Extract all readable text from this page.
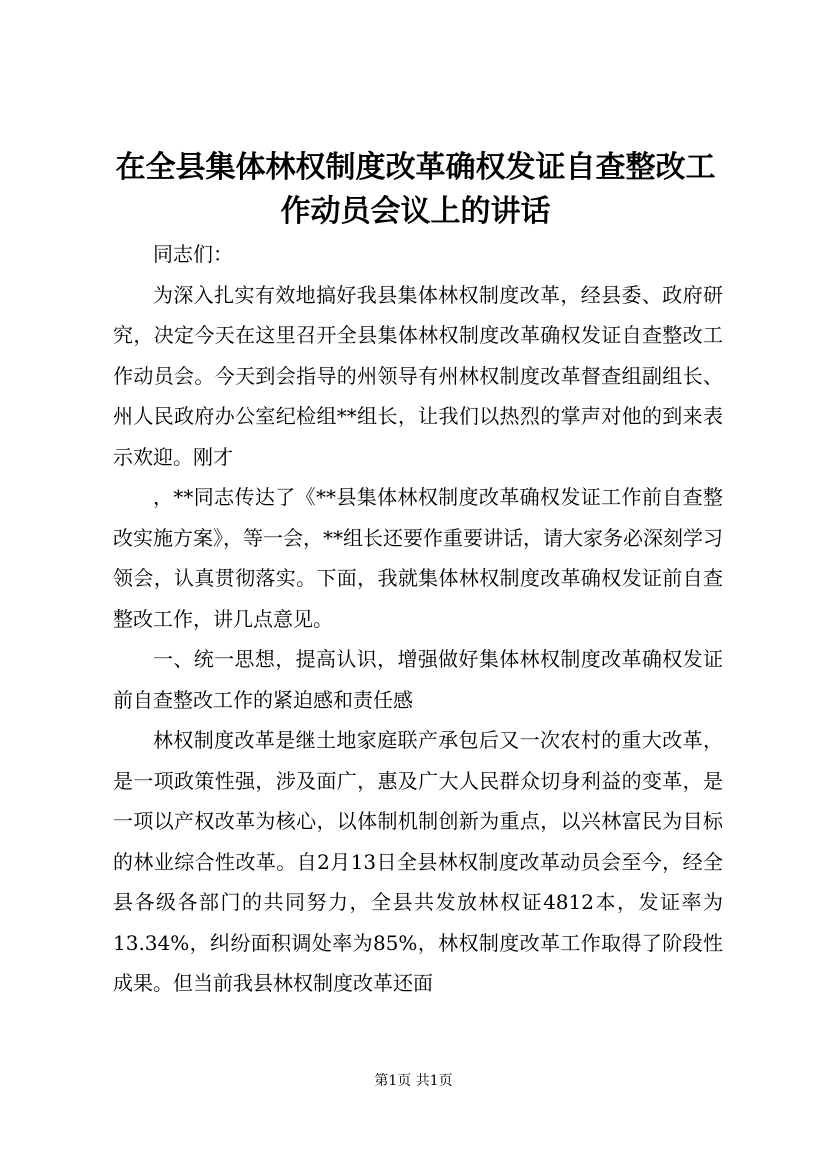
在全县集体林权制度改革确权发证自查整改工作动员会议上的讲话

同志们：

为深入扎实有效地搞好我县集体林权制度改革，经县委、政府研究，决定今天在这里召开全县集体林权制度改革确权发证自查整改工作动员会。今天到会指导的州领导有州林权制度改革督查组副组长、州人民政府办公室纪检组**组长，让我们以热烈的掌声对他的到来表示欢迎。刚才

，**同志传达了《**县集体林权制度改革确权发证工作前自查整改实施方案》，等一会，**组长还要作重要讲话，请大家务必深刻学习领会，认真贯彻落实。下面，我就集体林权制度改革确权发证前自查整改工作，讲几点意见。

一、统一思想，提高认识，增强做好集体林权制度改革确权发证前自查整改工作的紧迫感和责任感

林权制度改革是继土地家庭联产承包后又一次农村的重大改革，是一项政策性强，涉及面广，惠及广大人民群众切身利益的变革，是一项以产权改革为核心，以体制机制创新为重点，以兴林富民为目标的林业综合性改革。自2月13日全县林权制度改革动员会至今，经全县各级各部门的共同努力，全县共发放林权证4812本，发证率为13.34%，纠纷面积调处率为85%，林权制度改革工作取得了阶段性成果。但当前我县林权制度改革还面

第1页 共1页
